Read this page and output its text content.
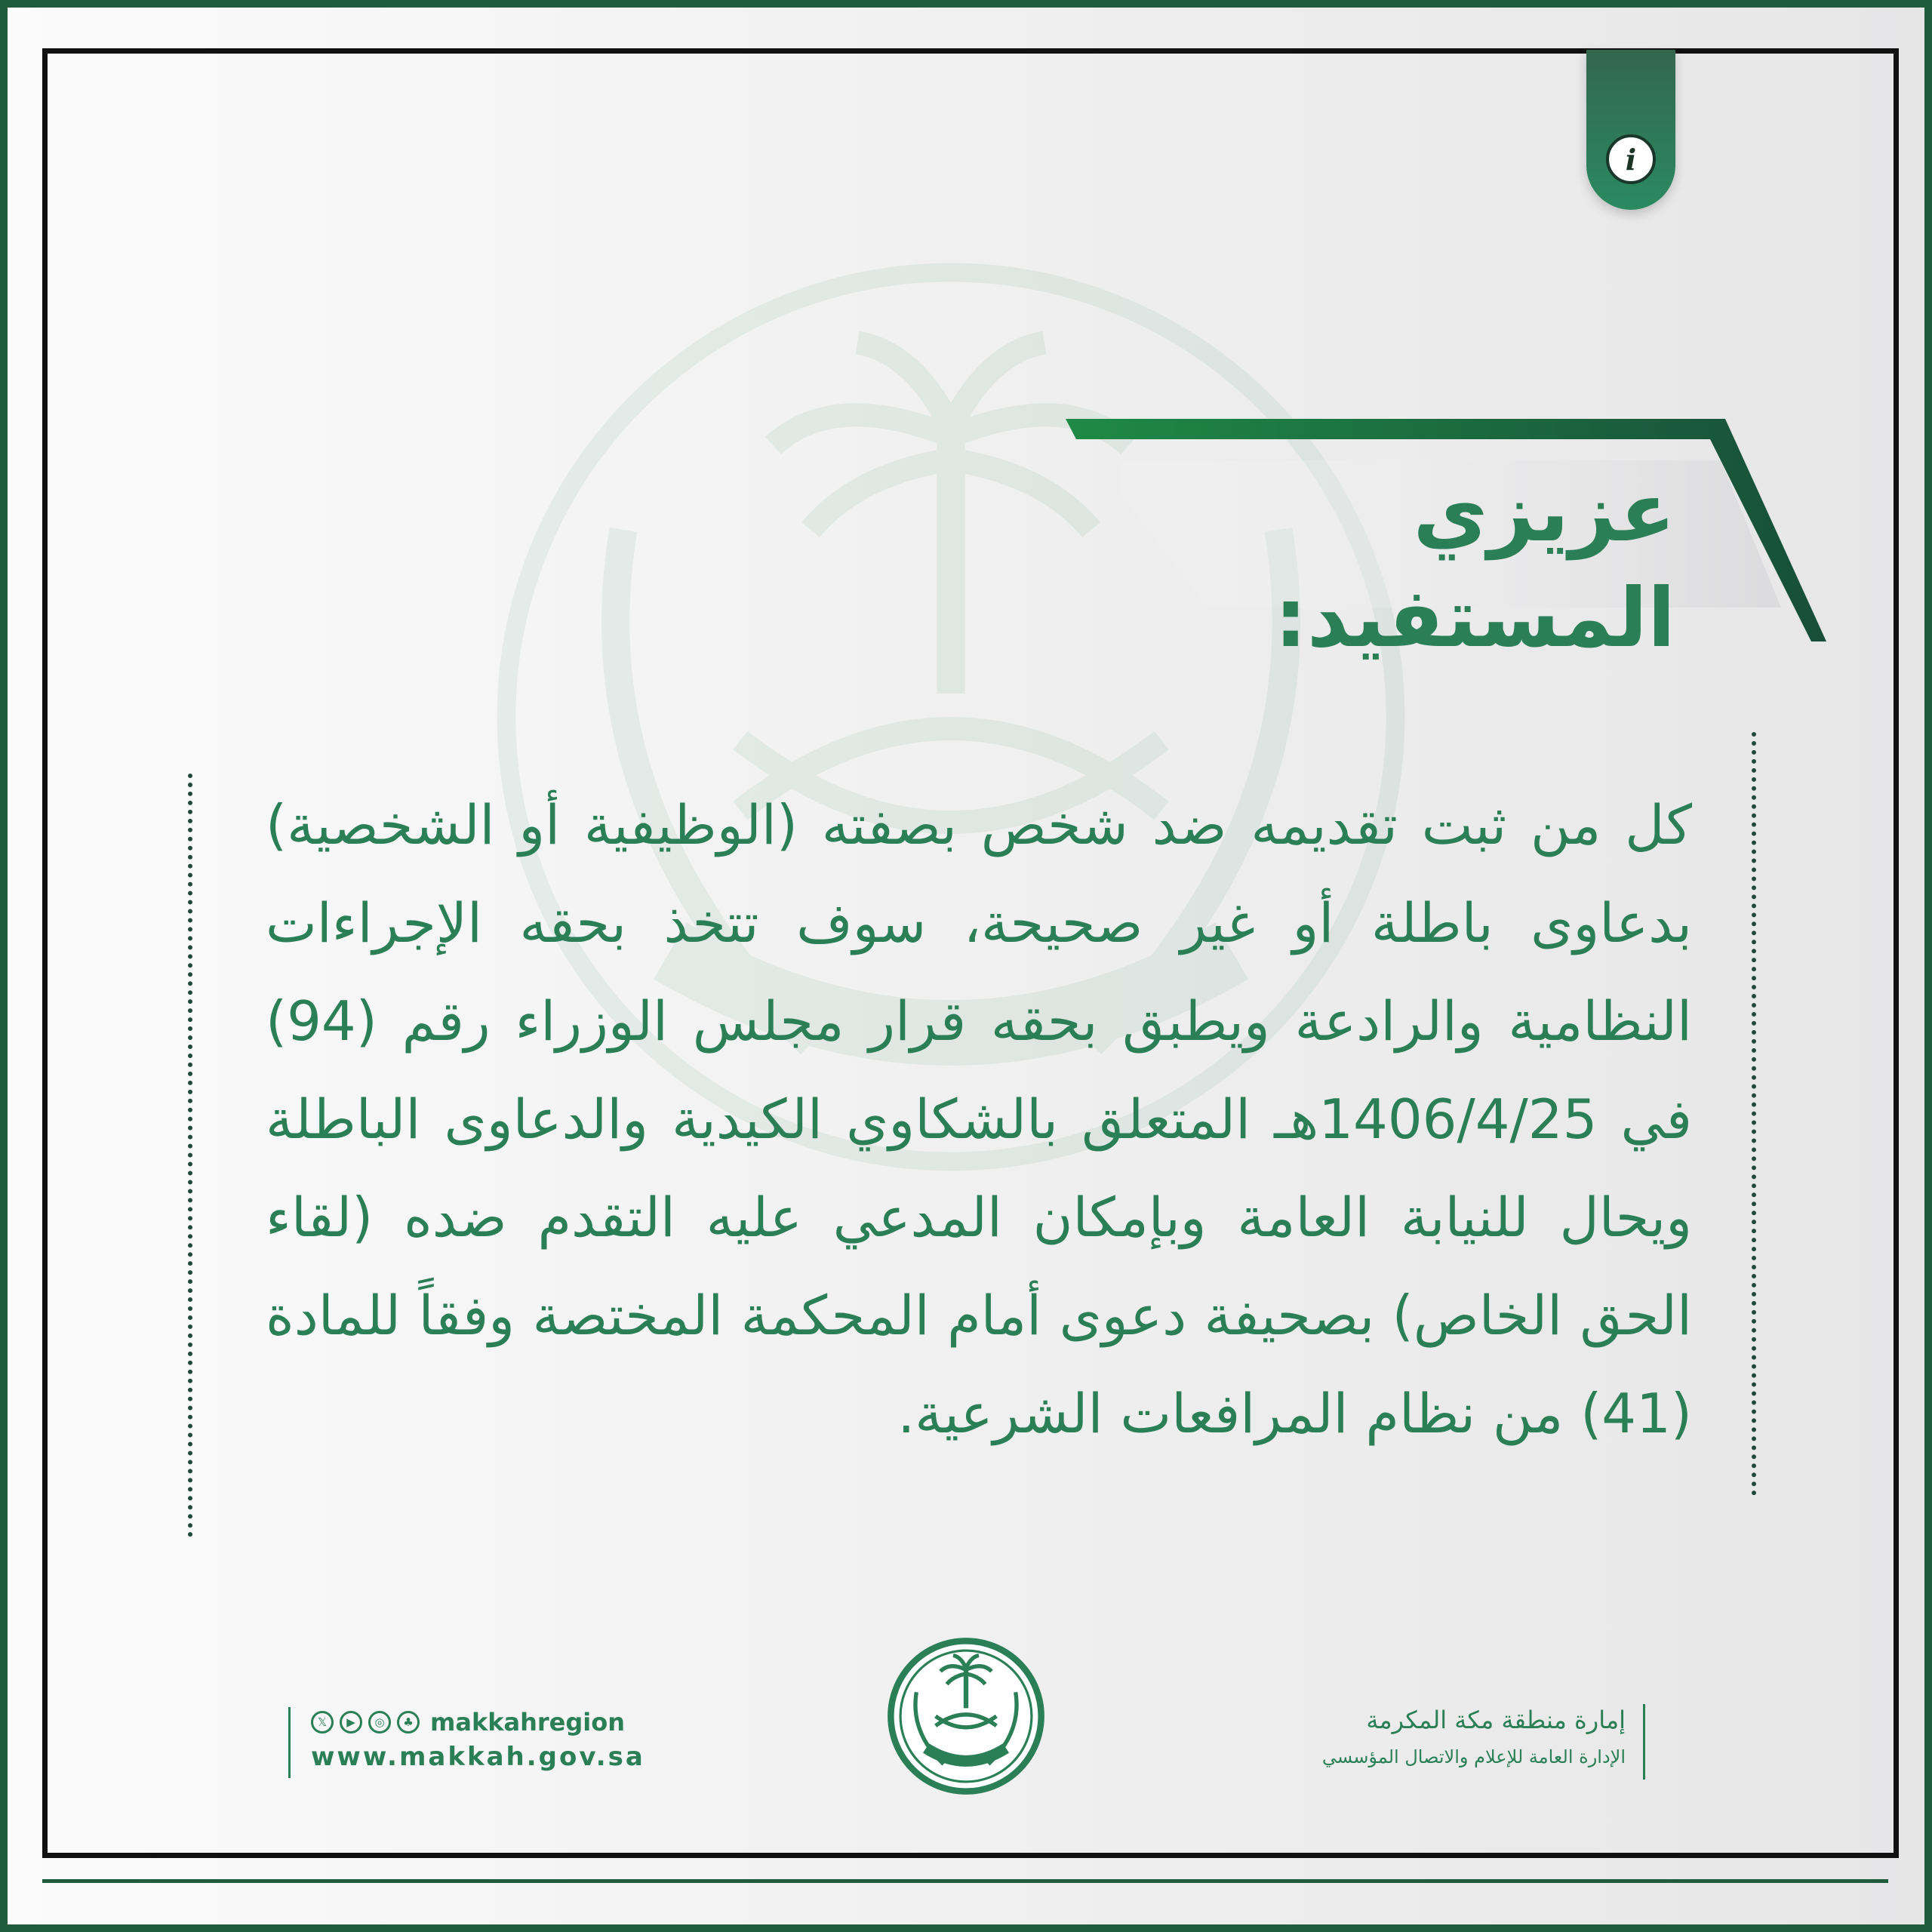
i
عزيزي المستفيد:
كل من ثبت تقديمه ضد شخص بصفته (الوظيفية أو الشخصية) بدعاوى باطلة أو غير صحيحة، سوف تتخذ بحقه الإجراءات النظامية والرادعة ويطبق بحقه قرار مجلس الوزراء رقم (94) في 1406/4/25هـ المتعلق بالشكاوي الكيدية والدعاوى الباطلة ويحال للنيابة العامة وبإمكان المدعي عليه التقدم ضده (لقاء الحق الخاص) بصحيفة دعوى أمام المحكمة المختصة وفقاً للمادة (41) من نظام المرافعات الشرعية.
𝕏 ▶ ◎ ♣ makkahregion
www.makkah.gov.sa
إمارة منطقة مكة المكرمة
الإدارة العامة للإعلام والاتصال المؤسسي
